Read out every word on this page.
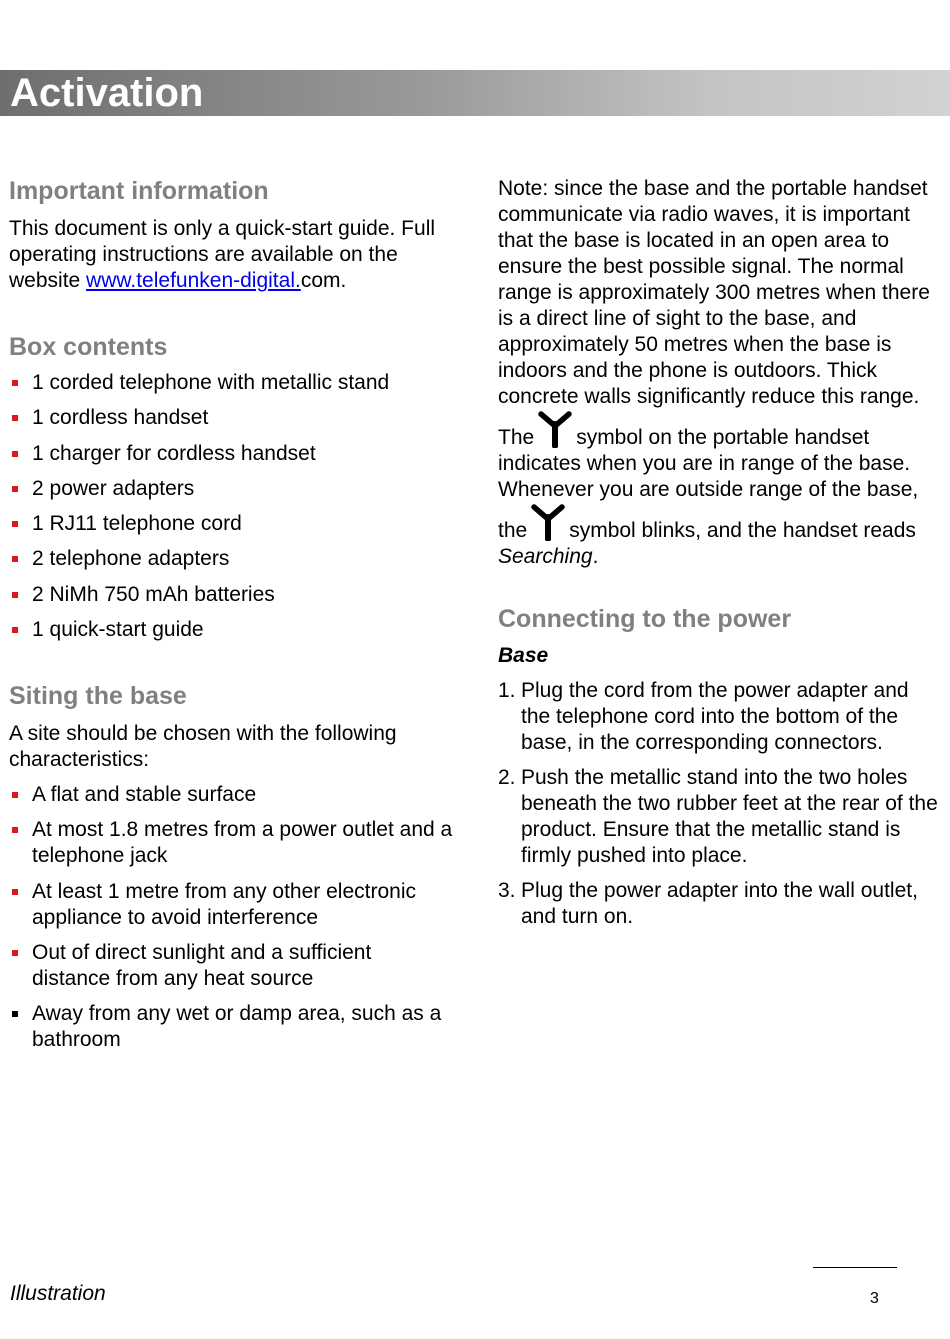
Activation
Important information

This document is only a quick-start guide. Full operating instructions are available on the website www.telefunken-digital.com.

Box contents
1 corded telephone with metallic stand
1 cordless handset
1 charger for cordless handset
2 power adapters
1 RJ11 telephone cord
2 telephone adapters
2 NiMh 750 mAh batteries
1 quick-start guide
Siting the base

A site should be chosen with the following characteristics:

A flat and stable surface
At most 1.8 metres from a power outlet and a telephone jack
At least 1 metre from any other electronic appliance to avoid interference
Out of direct sunlight and a sufficient distance from any heat source
Away from any wet or damp area, such as a bathroom

Note: since the base and the portable handset communicate via radio waves, it is important that the base is located in an open area to ensure the best possible signal. The normal range is approximately 300 metres when there is a direct line of sight to the base, and approximately 50 metres when the base is indoors and the phone is outdoors. Thick concrete walls significantly reduce this range. The symbol on the portable handset indicates when you are in range of the base. Whenever you are outside range of the base, the symbol blinks, and the handset reads Searching.

Connecting to the power
Base
1. Plug the cord from the power adapter and the telephone cord into the bottom of the base, in the corresponding connectors.
2. Push the metallic stand into the two holes beneath the two rubber feet at the rear of the product. Ensure that the metallic stand is firmly pushed into place.
3. Plug the power adapter into the wall outlet, and turn on.
Illustration	3
